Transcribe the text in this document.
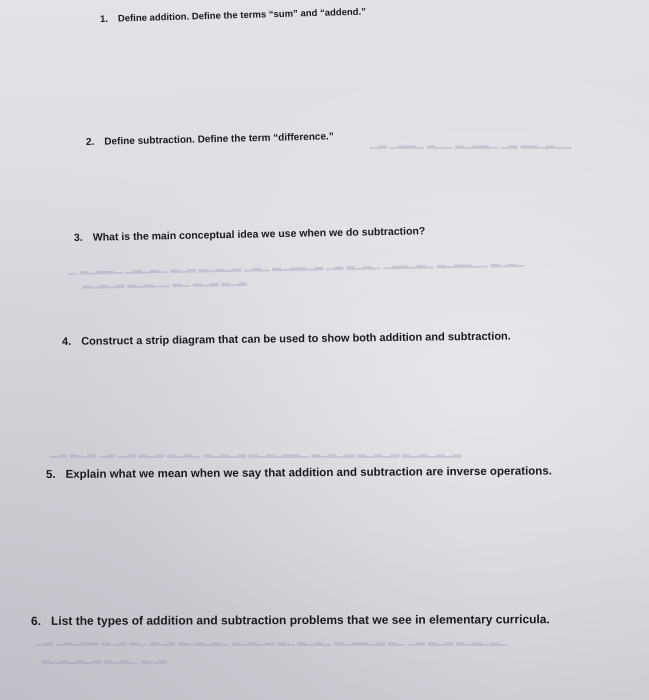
▁▂ ▁▂▂▁ ▂▁▁ ▂▁▂▂▁ ▁▂ ▂▂▁▂▁▁
▁ ▂▁▂▂▁ ▁▂▁▂▁ ▂▁▂ ▂▁▂▁▂ ▁▂▁ ▂▁▂▂▁▂ ▁▂ ▂▁▂▁ ▁▂▂▁▂▁ ▂▁▂▂▁▁ ▂▁▂▁
▂▁▂▁▂ ▂▁▂▁▁ ▂▁ ▂▁▂ ▂▁▂
▁▂ ▂▁▂ ▁▂ ▁▂ ▂▁▂ ▂▁▂▁ ▂▁▂▁▂ ▂▁▂▁▂▂▁ ▂▁▂▁▂ ▂▁▂▁▂ ▂▁▂▁▂▁▂
▁▂ ▁▂▁▂▂ ▂▁▂ ▂▁ ▂▁▂ ▂▁▂▁▂▁ ▂▁▂▁▂ ▂▁ ▂▁▂▁ ▂▁▂▂▁▂ ▂▁ ▁▂ ▂▁▂ ▂▁▂▁▂▁
▂▁▂▁▂▁▂ ▂▁▂▁ ▂▁▂
1. Define addition. Define the terms “sum” and “addend.”
2. Define subtraction. Define the term “difference.”
3. What is the main conceptual idea we use when we do subtraction?
4. Construct a strip diagram that can be used to show both addition and subtraction.
5. Explain what we mean when we say that addition and subtraction are inverse operations.
6. List the types of addition and subtraction problems that we see in elementary curricula.
